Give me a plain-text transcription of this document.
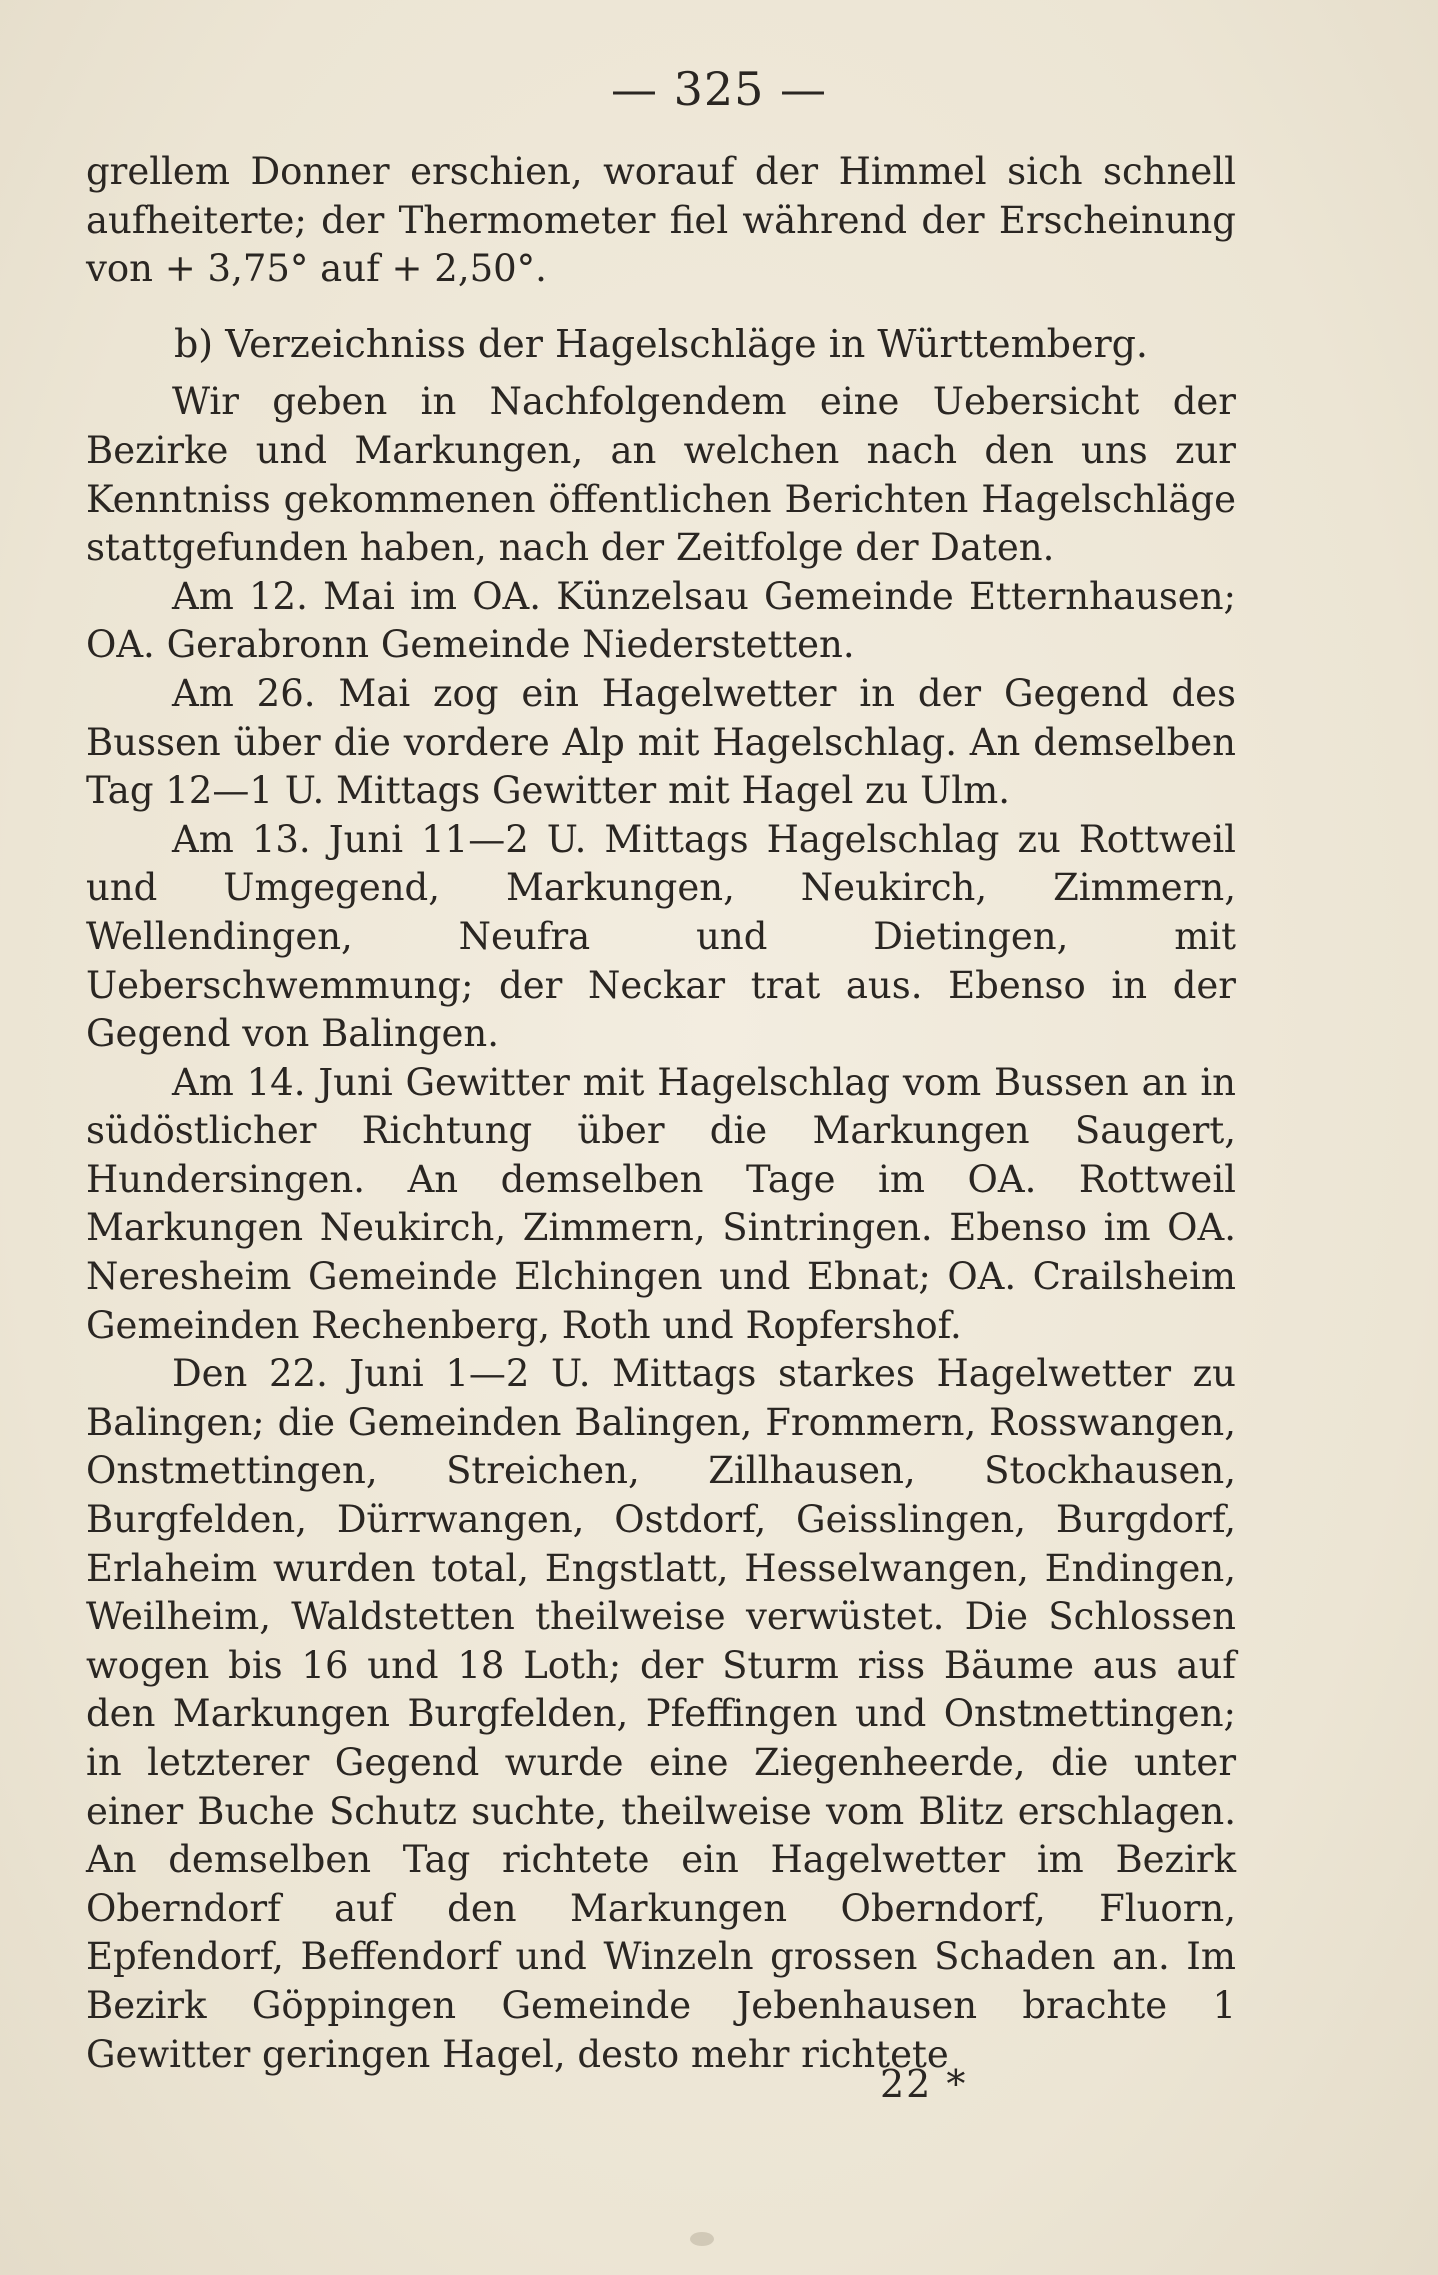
— 325 —

grellem Donner erschien, worauf der Himmel sich schnell aufheiterte; der Thermometer fiel während der Erscheinung von + 3,75° auf + 2,50°.

b) Verzeichniss der Hagelschläge in Württemberg.

Wir geben in Nachfolgendem eine Uebersicht der Bezirke und Markungen, an welchen nach den uns zur Kenntniss gekommenen öffentlichen Berichten Hagelschläge stattgefunden haben, nach der Zeitfolge der Daten.

Am 12. Mai im OA. Künzelsau Gemeinde Etternhausen; OA. Gerabronn Gemeinde Niederstetten.

Am 26. Mai zog ein Hagelwetter in der Gegend des Bussen über die vordere Alp mit Hagelschlag. An demselben Tag 12—1 U. Mittags Gewitter mit Hagel zu Ulm.

Am 13. Juni 11—2 U. Mittags Hagelschlag zu Rottweil und Umgegend, Markungen, Neukirch, Zimmern, Wellendingen, Neufra und Dietingen, mit Ueberschwemmung; der Neckar trat aus. Ebenso in der Gegend von Balingen.

Am 14. Juni Gewitter mit Hagelschlag vom Bussen an in südöstlicher Richtung über die Markungen Saugert, Hundersingen. An demselben Tage im OA. Rottweil Markungen Neukirch, Zimmern, Sintringen. Ebenso im OA. Neresheim Gemeinde Elchingen und Ebnat; OA. Crailsheim Gemeinden Rechenberg, Roth und Ropfershof.

Den 22. Juni 1—2 U. Mittags starkes Hagelwetter zu Balingen; die Gemeinden Balingen, Frommern, Rosswangen, Onstmettingen, Streichen, Zillhausen, Stockhausen, Burgfelden, Dürrwangen, Ostdorf, Geisslingen, Burgdorf, Erlaheim wurden total, Engstlatt, Hesselwangen, Endingen, Weilheim, Waldstetten theilweise verwüstet. Die Schlossen wogen bis 16 und 18 Loth; der Sturm riss Bäume aus auf den Markungen Burgfelden, Pfeffingen und Onstmettingen; in letzterer Gegend wurde eine Ziegenheerde, die unter einer Buche Schutz suchte, theilweise vom Blitz erschlagen. An demselben Tag richtete ein Hagelwetter im Bezirk Oberndorf auf den Markungen Oberndorf, Fluorn, Epfendorf, Beffendorf und Winzeln grossen Schaden an. Im Bezirk Göppingen Gemeinde Jebenhausen brachte 1 Gewitter geringen Hagel, desto mehr richtete

22 *
